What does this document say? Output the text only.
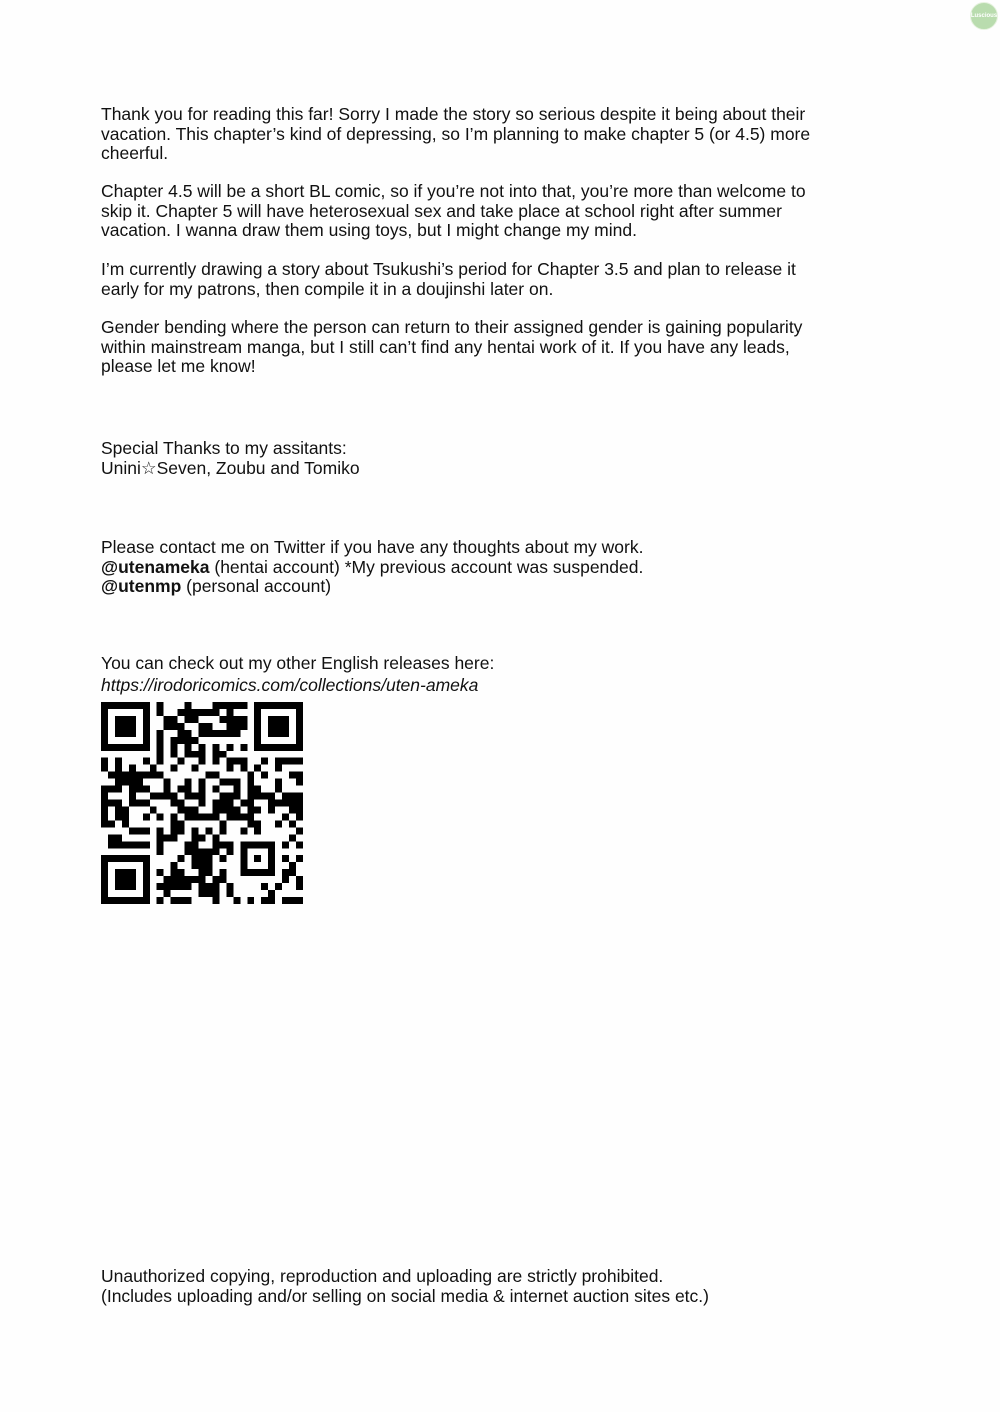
Luscious

Thank you for reading this far! Sorry I made the story so serious despite it being about their
vacation. This chapter’s kind of depressing, so I’m planning to make chapter 5 (or 4.5) more
cheerful.

Chapter 4.5 will be a short BL comic, so if you’re not into that, you’re more than welcome to
skip it. Chapter 5 will have heterosexual sex and take place at school right after summer
vacation. I wanna draw them using toys, but I might change my mind.

I’m currently drawing a story about Tsukushi’s period for Chapter 3.5 and plan to release it
early for my patrons, then compile it in a doujinshi later on.

Gender bending where the person can return to their assigned gender is gaining popularity
within mainstream manga, but I still can’t find any hentai work of it. If you have any leads,
please let me know!

Special Thanks to my assitants:
Unini☆Seven, Zoubu and Tomiko

Please contact me on Twitter if you have any thoughts about my work.
@utenameka (hentai account) *My previous account was suspended.
@utenmp (personal account)

You can check out my other English releases here:
https://irodoricomics.com/collections/uten-ameka

Unauthorized copying, reproduction and uploading are strictly prohibited.
(Includes uploading and/or selling on social media & internet auction sites etc.)
